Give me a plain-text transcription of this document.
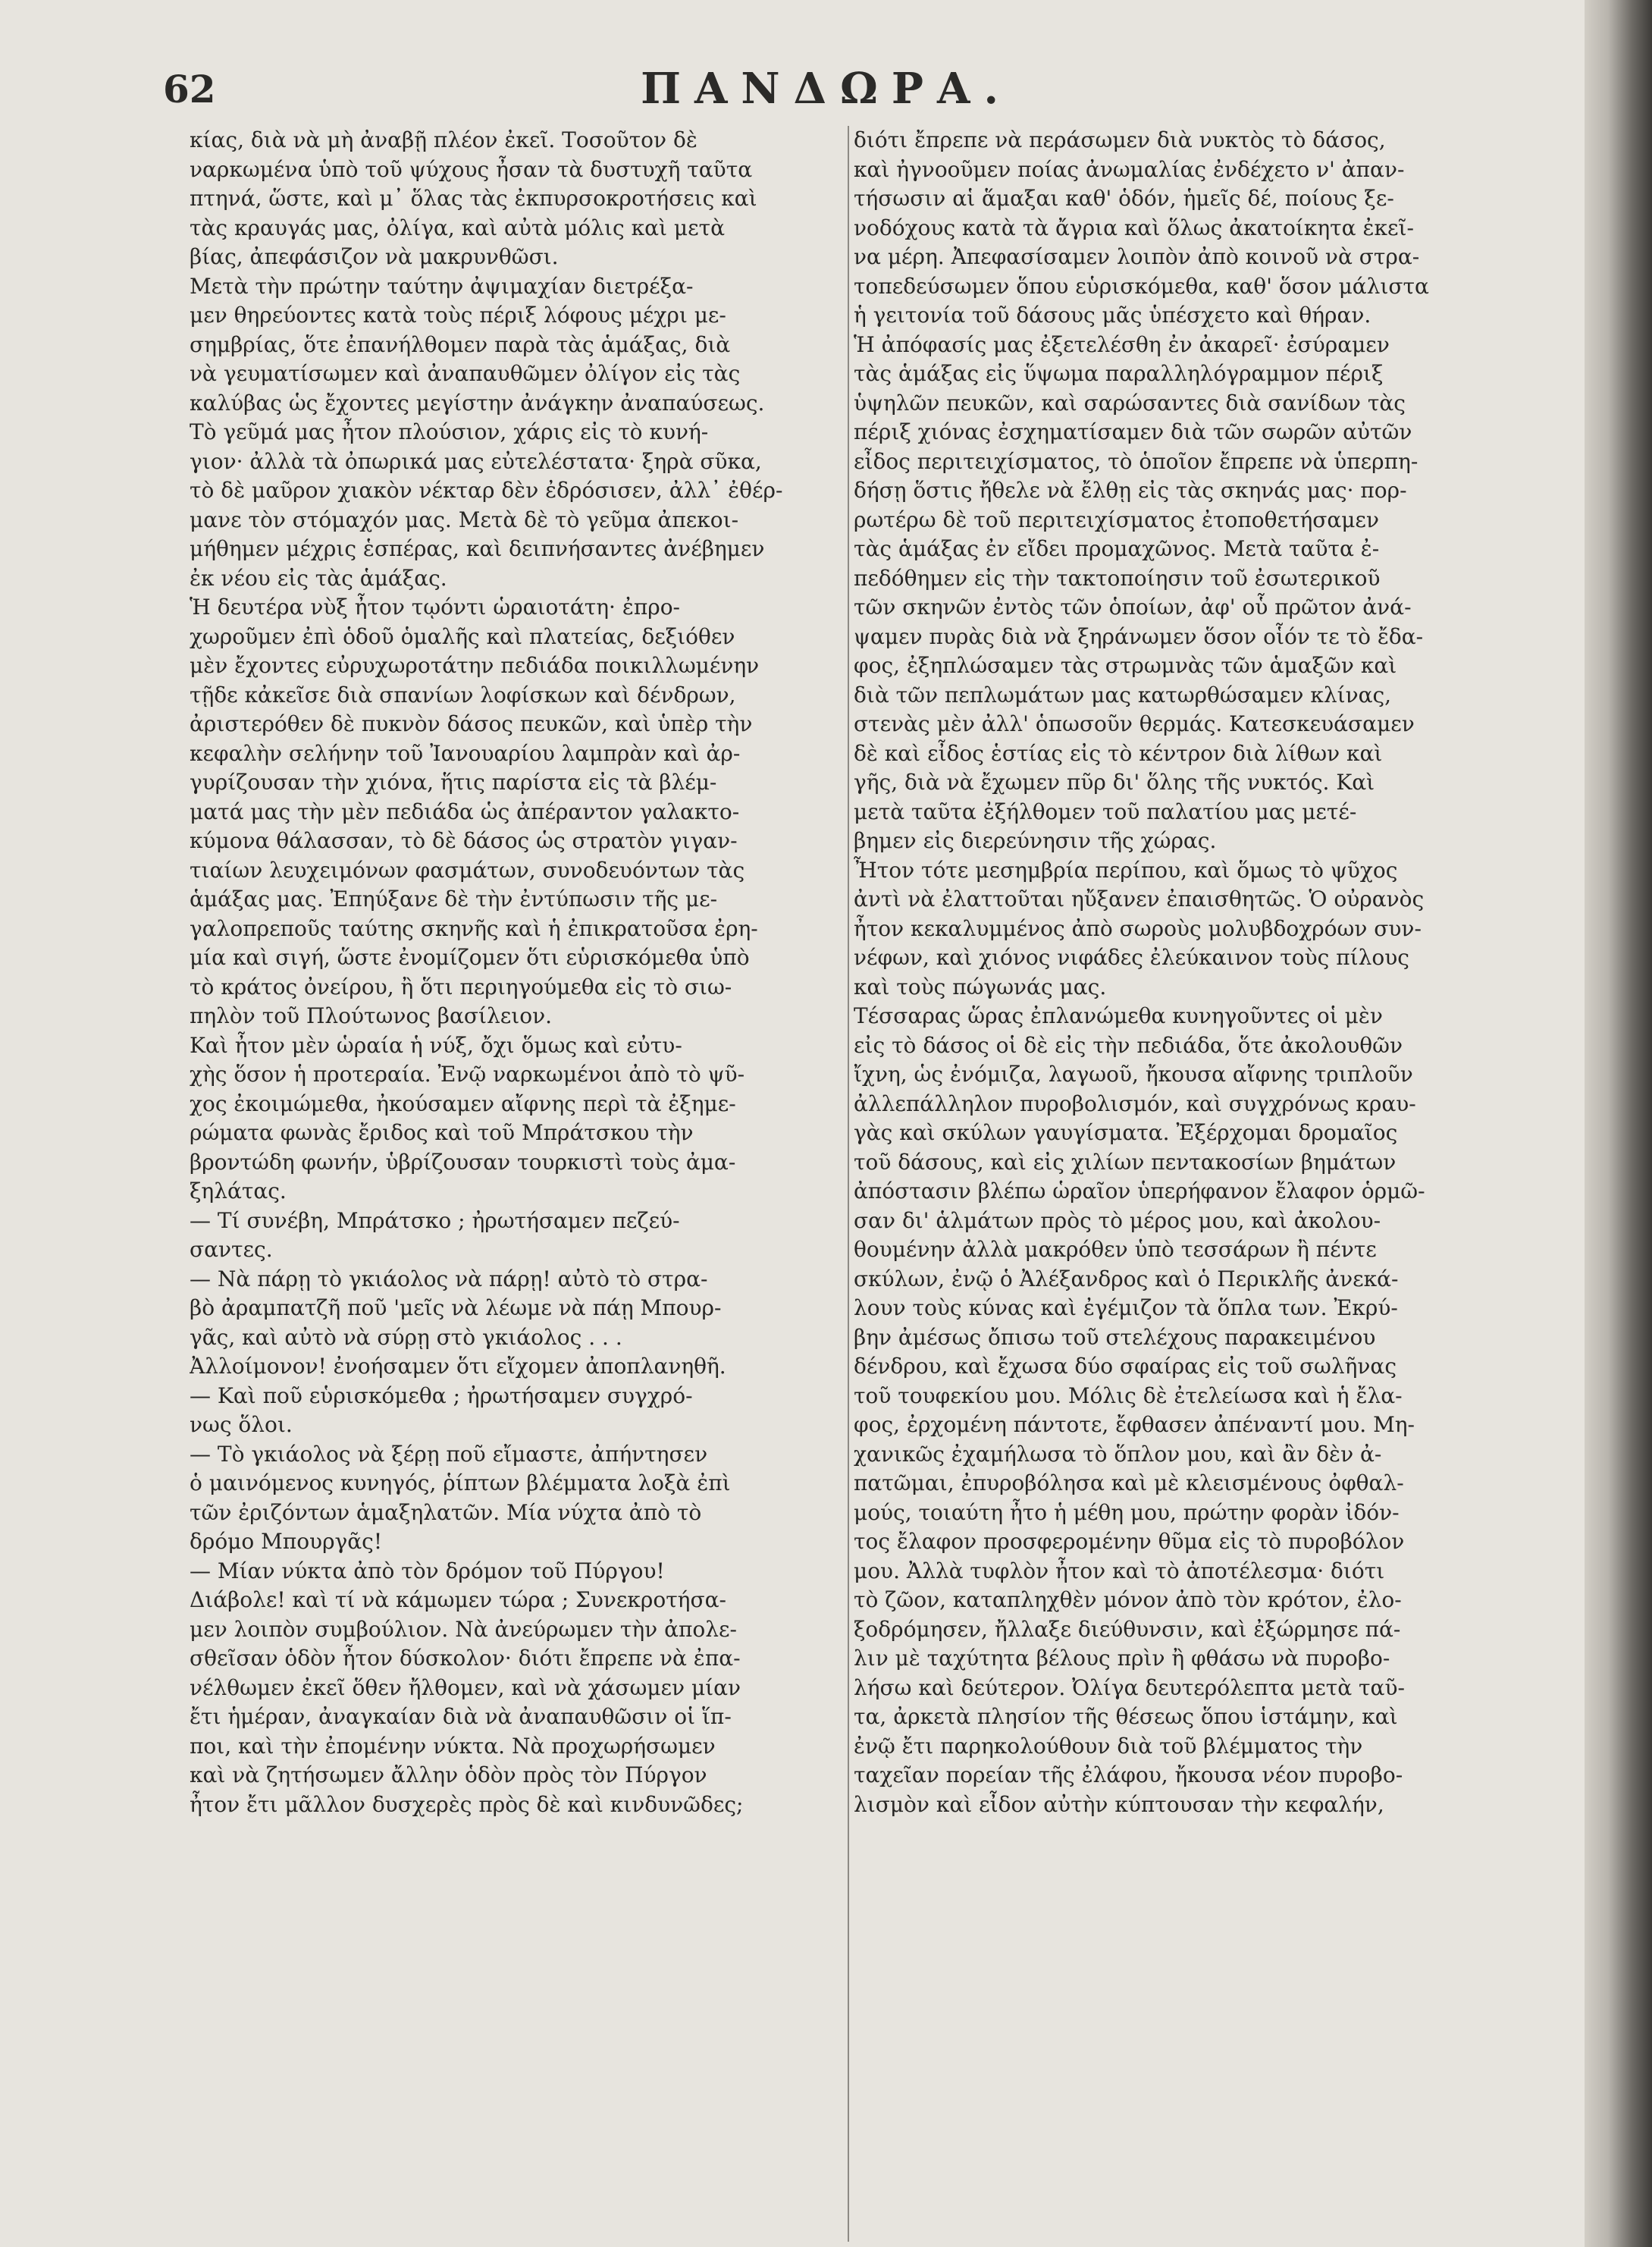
62	ΠΑΝΔΩΡΑ.
κίας, διὰ νὰ μὴ ἀναβῇ πλέον ἐκεῖ. Τοσοῦτον δὲ
ναρκωμένα ὑπὸ τοῦ ψύχους ἦσαν τὰ δυστυχῆ ταῦτα
πτηνά, ὥστε, καὶ μ᾽ ὅλας τὰς ἐκπυρσοκροτήσεις καὶ
τὰς κραυγάς μας, ὀλίγα, καὶ αὐτὰ μόλις καὶ μετὰ
βίας, ἀπεφάσιζον νὰ μακρυνθῶσι.
Μετὰ τὴν πρώτην ταύτην ἀψιμαχίαν διετρέξα-
μεν θηρεύοντες κατὰ τοὺς πέριξ λόφους μέχρι με-
σημβρίας, ὅτε ἐπανήλθομεν παρὰ τὰς ἁμάξας, διὰ
νὰ γευματίσωμεν καὶ ἀναπαυθῶμεν ὀλίγον εἰς τὰς
καλύβας ὡς ἔχοντες μεγίστην ἀνάγκην ἀναπαύσεως.
Τὸ γεῦμά μας ἦτον πλούσιον, χάρις εἰς τὸ κυνή-
γιον· ἀλλὰ τὰ ὀπωρικά μας εὐτελέστατα· ξηρὰ σῦκα,
τὸ δὲ μαῦρον χιακὸν νέκταρ δὲν ἐδρόσισεν, ἀλλ᾽ ἐθέρ-
μανε τὸν στόμαχόν μας. Μετὰ δὲ τὸ γεῦμα ἀπεκοι-
μήθημεν μέχρις ἑσπέρας, καὶ δειπνήσαντες ἀνέβημεν
ἐκ νέου εἰς τὰς ἁμάξας.
Ἡ δευτέρα νὺξ ἦτον τῳόντι ὡραιοτάτη· ἐπρο-
χωροῦμεν ἐπὶ ὁδοῦ ὁμαλῆς καὶ πλατείας, δεξιόθεν
μὲν ἔχοντες εὐρυχωροτάτην πεδιάδα ποικιλλωμένην
τῇδε κἀκεῖσε διὰ σπανίων λοφίσκων καὶ δένδρων,
ἀριστερόθεν δὲ πυκνὸν δάσος πευκῶν, καὶ ὑπὲρ τὴν
κεφαλὴν σελήνην τοῦ Ἰανουαρίου λαμπρὰν καὶ ἀρ-
γυρίζουσαν τὴν χιόνα, ἥτις παρίστα εἰς τὰ βλέμ-
ματά μας τὴν μὲν πεδιάδα ὡς ἀπέραντον γαλακτο-
κύμονα θάλασσαν, τὸ δὲ δάσος ὡς στρατὸν γιγαν-
τιαίων λευχειμόνων φασμάτων, συνοδευόντων τὰς
ἁμάξας μας. Ἐπηύξανε δὲ τὴν ἐντύπωσιν τῆς με-
γαλοπρεποῦς ταύτης σκηνῆς καὶ ἡ ἐπικρατοῦσα ἐρη-
μία καὶ σιγή, ὥστε ἐνομίζομεν ὅτι εὑρισκόμεθα ὑπὸ
τὸ κράτος ὀνείρου, ἢ ὅτι περιηγούμεθα εἰς τὸ σιω-
πηλὸν τοῦ Πλούτωνος βασίλειον.
Καὶ ἦτον μὲν ὡραία ἡ νύξ, ὄχι ὅμως καὶ εὐτυ-
χὴς ὅσον ἡ προτεραία. Ἐνῷ ναρκωμένοι ἀπὸ τὸ ψῦ-
χος ἐκοιμώμεθα, ἠκούσαμεν αἴφνης περὶ τὰ ἐξημε-
ρώματα φωνὰς ἔριδος καὶ τοῦ Μπράτσκου τὴν
βροντώδη φωνήν, ὑβρίζουσαν τουρκιστὶ τοὺς ἀμα-
ξηλάτας.
— Τί συνέβη, Μπράτσκο ; ἠρωτήσαμεν πεζεύ-
σαντες.
— Νὰ πάρῃ τὸ γκιάολος νὰ πάρῃ! αὐτὸ τὸ στρα-
βὸ ἀραμπατζῆ ποῦ 'μεῖς νὰ λέωμε νὰ πάῃ Μπουρ-
γᾶς, καὶ αὐτὸ νὰ σύρῃ στὸ γκιάολος . . .
Ἀλλοίμονον! ἐνοήσαμεν ὅτι εἴχομεν ἀποπλανηθῆ.
— Καὶ ποῦ εὑρισκόμεθα ; ἠρωτήσαμεν συγχρό-
νως ὅλοι.
— Τὸ γκιάολος νὰ ξέρῃ ποῦ εἴμαστε, ἀπήντησεν
ὁ μαινόμενος κυνηγός, ῥίπτων βλέμματα λοξὰ ἐπὶ
τῶν ἐριζόντων ἁμαξηλατῶν. Μία νύχτα ἀπὸ τὸ
δρόμο Μπουργᾶς!
— Μίαν νύκτα ἀπὸ τὸν δρόμον τοῦ Πύργου!
Διάβολε! καὶ τί νὰ κάμωμεν τώρα ; Συνεκροτήσα-
μεν λοιπὸν συμβούλιον. Νὰ ἀνεύρωμεν τὴν ἀπολε-
σθεῖσαν ὁδὸν ἦτον δύσκολον· διότι ἔπρεπε νὰ ἐπα-
νέλθωμεν ἐκεῖ ὅθεν ἤλθομεν, καὶ νὰ χάσωμεν μίαν
ἔτι ἡμέραν, ἀναγκαίαν διὰ νὰ ἀναπαυθῶσιν οἱ ἵπ-
ποι, καὶ τὴν ἐπομένην νύκτα. Νὰ προχωρήσωμεν
καὶ νὰ ζητήσωμεν ἄλλην ὁδὸν πρὸς τὸν Πύργον
ἦτον ἔτι μᾶλλον δυσχερὲς πρὸς δὲ καὶ κινδυνῶδες;
διότι ἔπρεπε νὰ περάσωμεν διὰ νυκτὸς τὸ δάσος,
καὶ ἠγνοοῦμεν ποίας ἀνωμαλίας ἐνδέχετο ν' ἀπαν-
τήσωσιν αἱ ἅμαξαι καθ' ὁδόν, ἡμεῖς δέ, ποίους ξε-
νοδόχους κατὰ τὰ ἄγρια καὶ ὅλως ἀκατοίκητα ἐκεῖ-
να μέρη. Ἀπεφασίσαμεν λοιπὸν ἀπὸ κοινοῦ νὰ στρα-
τοπεδεύσωμεν ὅπου εὑρισκόμεθα, καθ' ὅσον μάλιστα
ἡ γειτονία τοῦ δάσους μᾶς ὑπέσχετο καὶ θήραν.
Ἡ ἀπόφασίς μας ἐξετελέσθη ἐν ἀκαρεῖ· ἐσύραμεν
τὰς ἁμάξας εἰς ὕψωμα παραλληλόγραμμον πέριξ
ὑψηλῶν πευκῶν, καὶ σαρώσαντες διὰ σανίδων τὰς
πέριξ χιόνας ἐσχηματίσαμεν διὰ τῶν σωρῶν αὐτῶν
εἶδος περιτειχίσματος, τὸ ὁποῖον ἔπρεπε νὰ ὑπερπη-
δήσῃ ὅστις ἤθελε νὰ ἔλθῃ εἰς τὰς σκηνάς μας· πορ-
ρωτέρω δὲ τοῦ περιτειχίσματος ἐτοποθετήσαμεν
τὰς ἁμάξας ἐν εἴδει προμαχῶνος. Μετὰ ταῦτα ἐ-
πεδόθημεν εἰς τὴν τακτοποίησιν τοῦ ἐσωτερικοῦ
τῶν σκηνῶν ἐντὸς τῶν ὁποίων, ἀφ' οὗ πρῶτον ἀνά-
ψαμεν πυρὰς διὰ νὰ ξηράνωμεν ὅσον οἷόν τε τὸ ἔδα-
φος, ἐξηπλώσαμεν τὰς στρωμνὰς τῶν ἁμαξῶν καὶ
διὰ τῶν πεπλωμάτων μας κατωρθώσαμεν κλίνας,
στενὰς μὲν ἀλλ' ὁπωσοῦν θερμάς. Κατεσκευάσαμεν
δὲ καὶ εἶδος ἑστίας εἰς τὸ κέντρον διὰ λίθων καὶ
γῆς, διὰ νὰ ἔχωμεν πῦρ δι' ὅλης τῆς νυκτός. Καὶ
μετὰ ταῦτα ἐξήλθομεν τοῦ παλατίου μας μετέ-
βημεν εἰς διερεύνησιν τῆς χώρας.
Ἦτον τότε μεσημβρία περίπου, καὶ ὅμως τὸ ψῦχος
ἀντὶ νὰ ἐλαττοῦται ηὔξανεν ἐπαισθητῶς. Ὁ οὐρανὸς
ἦτον κεκαλυμμένος ἀπὸ σωροὺς μολυβδοχρόων συν-
νέφων, καὶ χιόνος νιφάδες ἐλεύκαινον τοὺς πίλους
καὶ τοὺς πώγωνάς μας.
Τέσσαρας ὥρας ἐπλανώμεθα κυνηγοῦντες οἱ μὲν
εἰς τὸ δάσος οἱ δὲ εἰς τὴν πεδιάδα, ὅτε ἀκολουθῶν
ἴχνη, ὡς ἐνόμιζα, λαγωοῦ, ἤκουσα αἴφνης τριπλοῦν
ἀλλεπάλληλον πυροβολισμόν, καὶ συγχρόνως κραυ-
γὰς καὶ σκύλων γαυγίσματα. Ἐξέρχομαι δρομαῖος
τοῦ δάσους, καὶ εἰς χιλίων πεντακοσίων βημάτων
ἀπόστασιν βλέπω ὡραῖον ὑπερήφανον ἔλαφον ὁρμῶ-
σαν δι' ἁλμάτων πρὸς τὸ μέρος μου, καὶ ἀκολου-
θουμένην ἀλλὰ μακρόθεν ὑπὸ τεσσάρων ἢ πέντε
σκύλων, ἐνῷ ὁ Ἀλέξανδρος καὶ ὁ Περικλῆς ἀνεκά-
λουν τοὺς κύνας καὶ ἐγέμιζον τὰ ὅπλα των. Ἐκρύ-
βην ἀμέσως ὄπισω τοῦ στελέχους παρακειμένου
δένδρου, καὶ ἔχωσα δύο σφαίρας εἰς τοῦ σωλῆνας
τοῦ τουφεκίου μου. Μόλις δὲ ἐτελείωσα καὶ ἡ ἔλα-
φος, ἐρχομένη πάντοτε, ἔφθασεν ἀπέναντί μου. Μη-
χανικῶς ἐχαμήλωσα τὸ ὅπλον μου, καὶ ἂν δὲν ἀ-
πατῶμαι, ἐπυροβόλησα καὶ μὲ κλεισμένους ὀφθαλ-
μούς, τοιαύτη ἦτο ἡ μέθη μου, πρώτην φορὰν ἰδόν-
τος ἔλαφον προσφερομένην θῦμα εἰς τὸ πυροβόλον
μου. Ἀλλὰ τυφλὸν ἦτον καὶ τὸ ἀποτέλεσμα· διότι
τὸ ζῶον, καταπληχθὲν μόνον ἀπὸ τὸν κρότον, ἐλο-
ξοδρόμησεν, ἤλλαξε διεύθυνσιν, καὶ ἐξώρμησε πά-
λιν μὲ ταχύτητα βέλους πρὶν ἢ φθάσω νὰ πυροβο-
λήσω καὶ δεύτερον. Ὀλίγα δευτερόλεπτα μετὰ ταῦ-
τα, ἀρκετὰ πλησίον τῆς θέσεως ὅπου ἱστάμην, καὶ
ἐνῷ ἔτι παρηκολούθουν διὰ τοῦ βλέμματος τὴν
ταχεῖαν πορείαν τῆς ἐλάφου, ἤκουσα νέον πυροβο-
λισμὸν καὶ εἶδον αὐτὴν κύπτουσαν τὴν κεφαλήν,
